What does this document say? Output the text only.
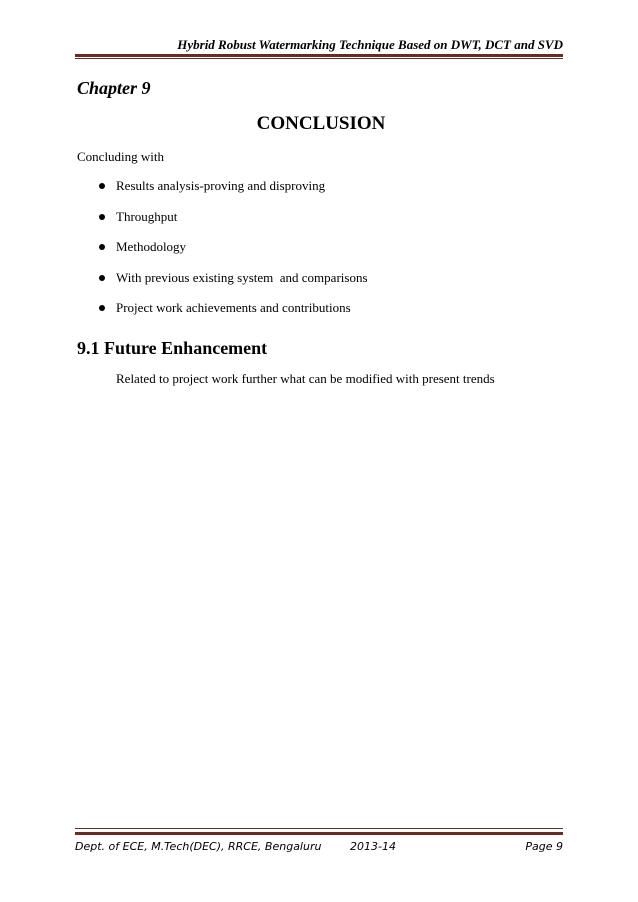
Hybrid Robust Watermarking Technique Based on DWT, DCT and SVD
Chapter 9
CONCLUSION
Concluding with
Results analysis-proving and disproving
Throughput
Methodology
With previous existing system  and comparisons
Project work achievements and contributions
9.1 Future Enhancement
Related to project work further what can be modified with present trends
Dept. of ECE, M.Tech(DEC), RRCE, Bengaluru	2013-14	Page 9
